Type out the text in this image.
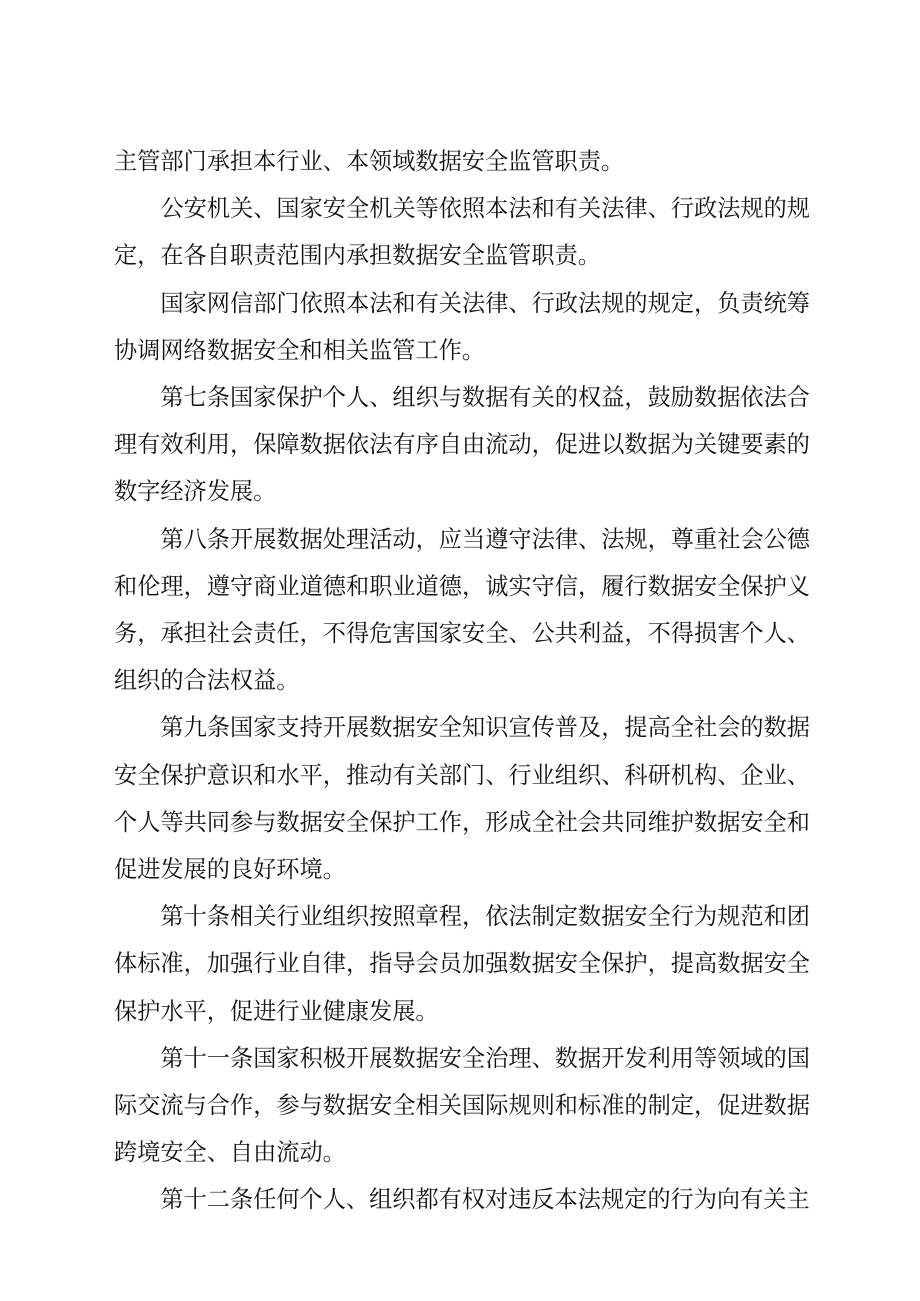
主管部门承担本行业、本领域数据安全监管职责。

公安机关、国家安全机关等依照本法和有关法律、行政法规的规定，在各自职责范围内承担数据安全监管职责。

国家网信部门依照本法和有关法律、行政法规的规定，负责统筹协调网络数据安全和相关监管工作。

第七条国家保护个人、组织与数据有关的权益，鼓励数据依法合理有效利用，保障数据依法有序自由流动，促进以数据为关键要素的数字经济发展。

第八条开展数据处理活动，应当遵守法律、法规，尊重社会公德和伦理，遵守商业道德和职业道德，诚实守信，履行数据安全保护义务，承担社会责任，不得危害国家安全、公共利益，不得损害个人、组织的合法权益。

第九条国家支持开展数据安全知识宣传普及，提高全社会的数据安全保护意识和水平，推动有关部门、行业组织、科研机构、企业、个人等共同参与数据安全保护工作，形成全社会共同维护数据安全和促进发展的良好环境。

第十条相关行业组织按照章程，依法制定数据安全行为规范和团体标准，加强行业自律，指导会员加强数据安全保护，提高数据安全保护水平，促进行业健康发展。

第十一条国家积极开展数据安全治理、数据开发利用等领域的国际交流与合作，参与数据安全相关国际规则和标准的制定，促进数据跨境安全、自由流动。

第十二条任何个人、组织都有权对违反本法规定的行为向有关主
